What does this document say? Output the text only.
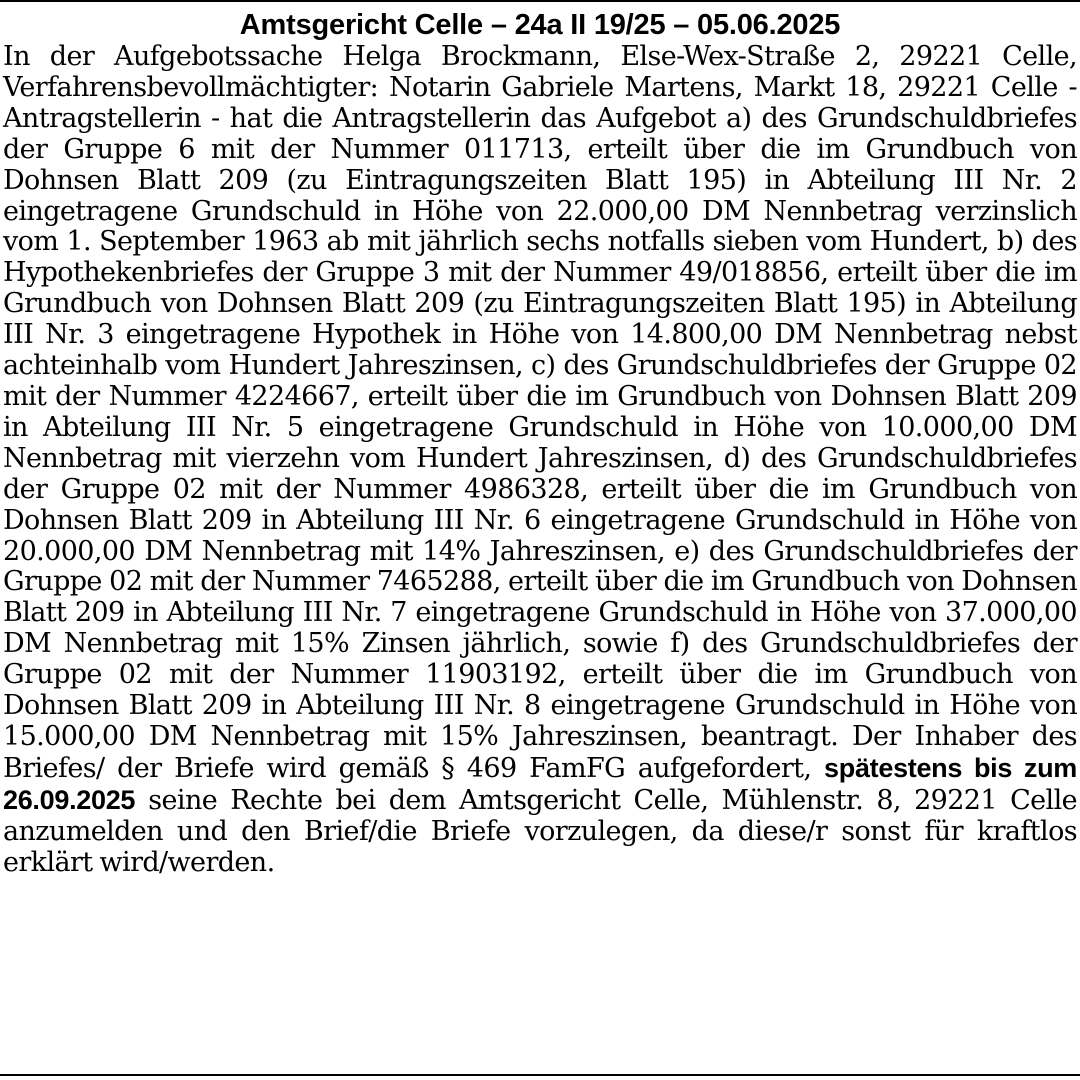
Amtsgericht Celle – 24a II 19/25 – 05.06.2025

In der Aufgebotssache Helga Brockmann, Else-Wex-Straße 2, 29221 Celle, Verfahrensbevollmächtigter: Notarin Gabriele Martens, Markt 18, 29221 Celle - Antragstellerin - hat die Antragstellerin das Aufgebot a) des Grundschuldbriefes der Gruppe 6 mit der Nummer 011713, erteilt über die im Grundbuch von Dohnsen Blatt 209 (zu Eintragungszeiten Blatt 195) in Abteilung III Nr. 2 eingetragene Grundschuld in Höhe von 22.000,00 DM Nennbetrag verzinslich vom 1. September 1963 ab mit jährlich sechs notfalls sieben vom Hundert, b) des Hypothekenbriefes der Gruppe 3 mit der Nummer 49/018856, erteilt über die im Grundbuch von Dohnsen Blatt 209 (zu Eintragungszeiten Blatt 195) in Abteilung III Nr. 3 eingetragene Hypothek in Höhe von 14.800,00 DM Nennbetrag nebst achteinhalb vom Hundert Jahreszinsen, c) des Grundschuldbriefes der Gruppe 02 mit der Nummer 4224667, erteilt über die im Grundbuch von Dohnsen Blatt 209 in Abteilung III Nr. 5 eingetragene Grundschuld in Höhe von 10.000,00 DM Nennbetrag mit vierzehn vom Hundert Jahreszinsen, d) des Grundschuldbriefes der Gruppe 02 mit der Nummer 4986328, erteilt über die im Grundbuch von Dohnsen Blatt 209 in Abteilung III Nr. 6 eingetragene Grundschuld in Höhe von 20.000,00 DM Nennbetrag mit 14% Jahreszinsen, e) des Grundschuldbriefes der Gruppe 02 mit der Nummer 7465288, erteilt über die im Grundbuch von Dohnsen Blatt 209 in Abteilung III Nr. 7 eingetragene Grundschuld in Höhe von 37.000,00 DM Nennbetrag mit 15% Zinsen jährlich, sowie f) des Grundschuldbriefes der Gruppe 02 mit der Nummer 11903192, erteilt über die im Grundbuch von Dohnsen Blatt 209 in Abteilung III Nr. 8 eingetragene Grundschuld in Höhe von 15.000,00 DM Nennbetrag mit 15% Jahreszinsen, beantragt. Der Inhaber des Briefes/ der Briefe wird gemäß § 469 FamFG aufgefordert, spätestens bis zum 26.09.2025 seine Rechte bei dem Amtsgericht Celle, Mühlenstr. 8, 29221 Celle anzumelden und den Brief/die Briefe vorzulegen, da diese/r sonst für kraftlos erklärt wird/werden.
